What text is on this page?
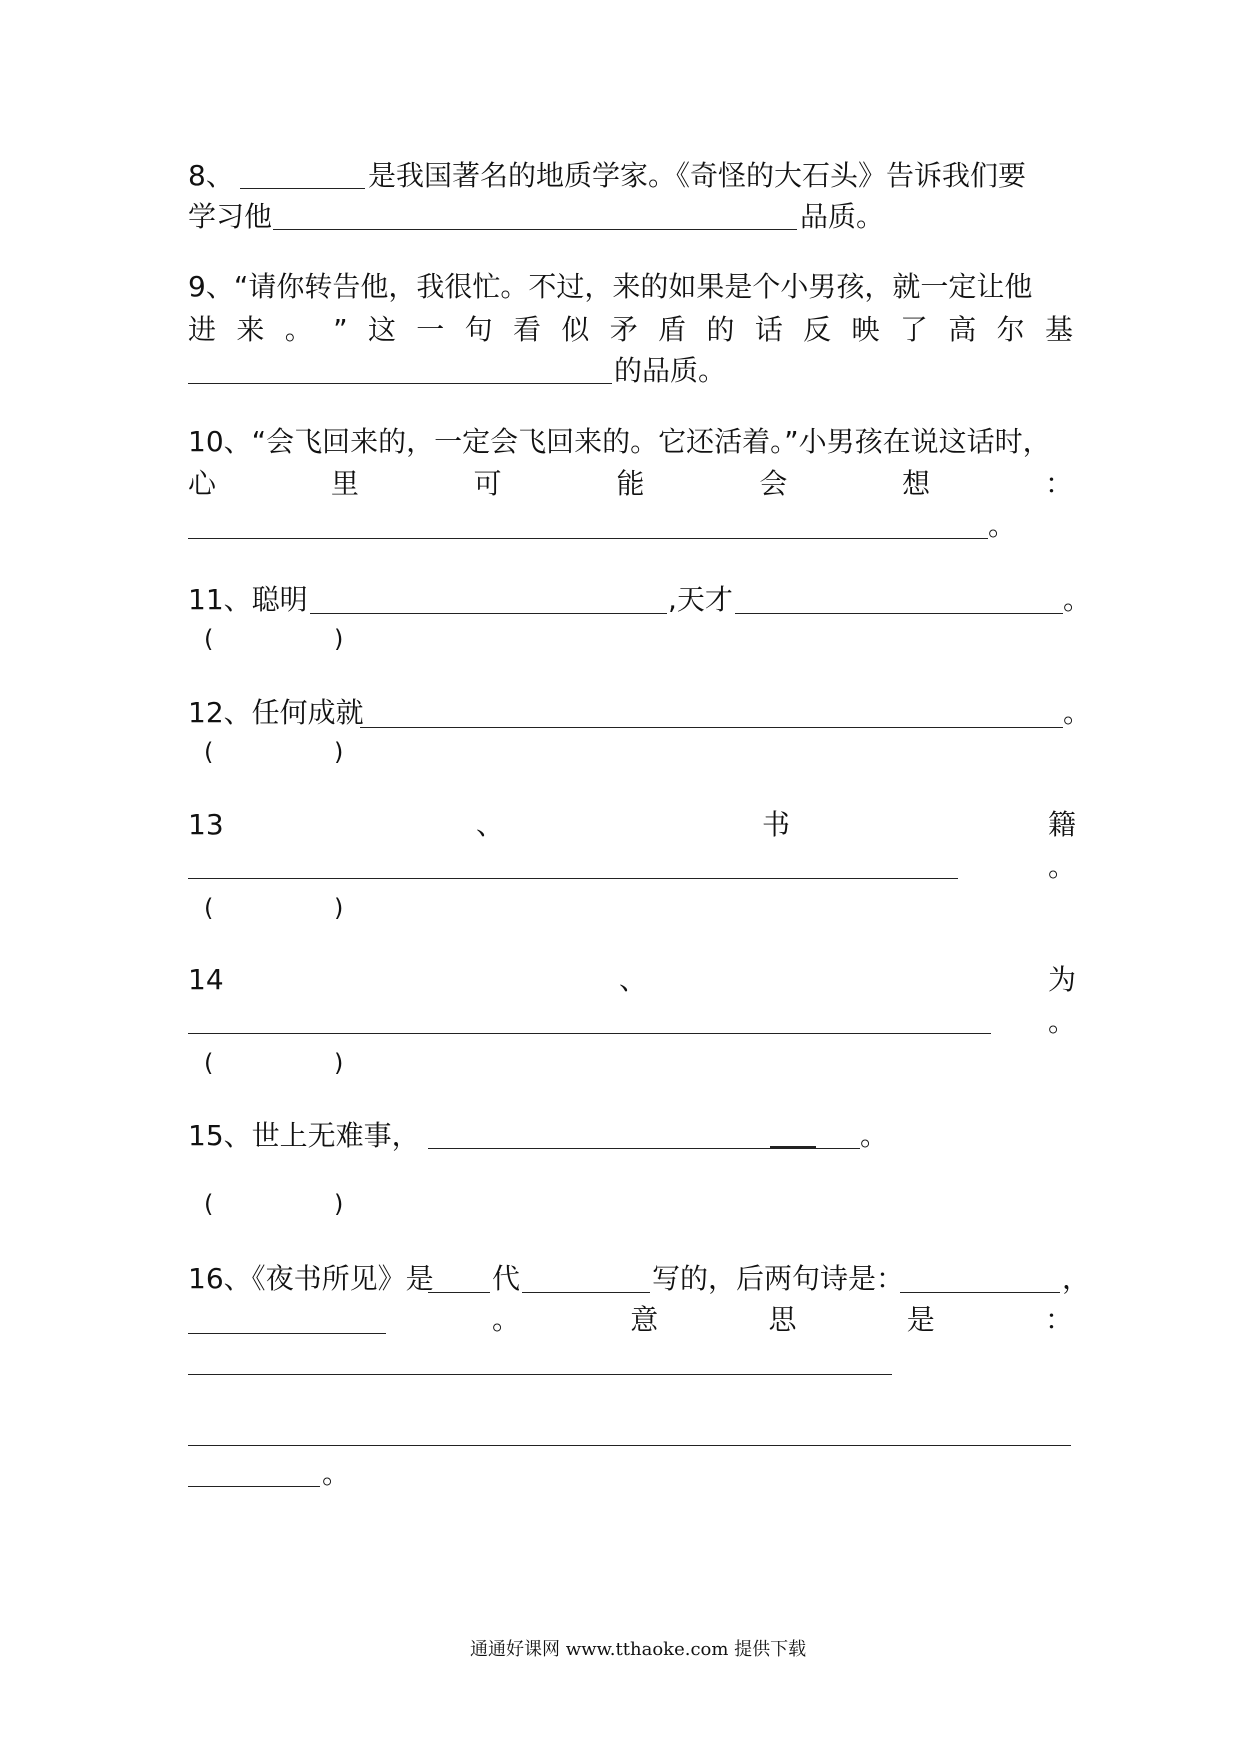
8、	是我国著名的地质学家。《奇怪的大石头》告诉我们要
学习他	品质。
9、“请你转告他，我很忙。不过，来的如果是个小男孩，就一定让他
进 来 。 ” 这 一 句 看 似 矛 盾 的 话 反 映 了 高 尔 基
的品质。
10、“会飞回来的，一定会飞回来的。它还活着。”小男孩在说这话时，
心	里	可	能	会	想	：
。
11、聪明	,天才	。
(	)
12、任何成就	。
(	)
13	、	书	籍
。
(	)
14	、	为
。
(	)
15、世上无难事，	。
(	)
16、《夜书所见》是 代	写的，后两句诗是：	，
。	意	思	是	：
。
通通好课网 www.tthaoke.com 提供下载
